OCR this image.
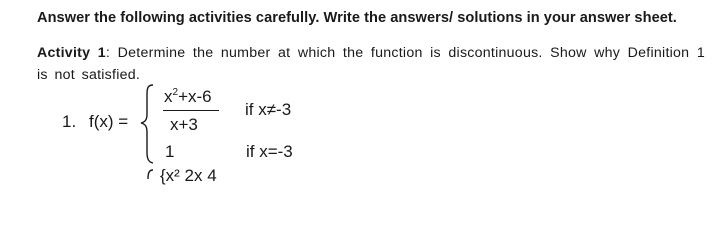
Answer the following activities carefully. Write the answers/ solutions in your answer sheet.
Activity 1: Determine the number at which the function is discontinuous. Show why Definition 1 is not satisfied.
1. f(x) =
$x^2+x-6$
x+3
if x≠-3
1	if x=-3
{x² 2x 4
